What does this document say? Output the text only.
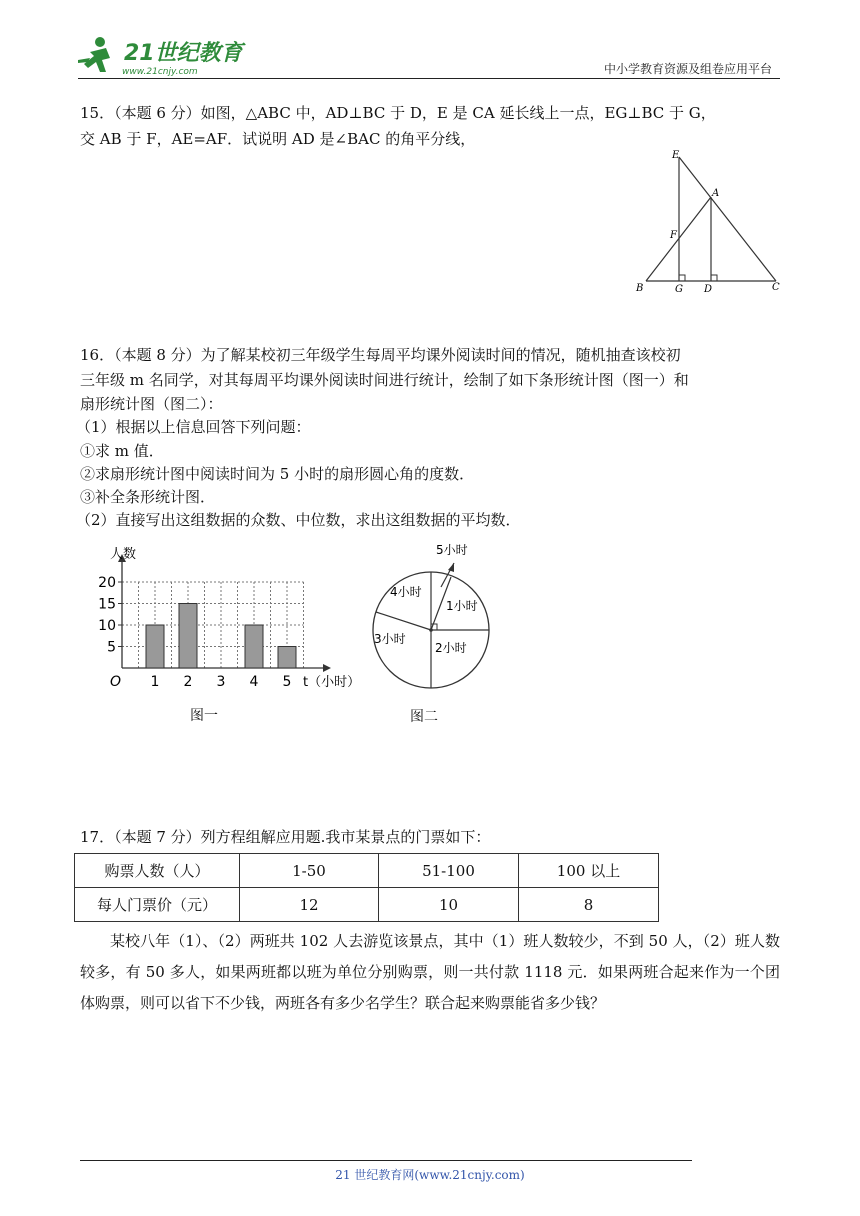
21世纪教育
www.21cnjy.com	中小学教育资源及组卷应用平台
15．（本题 6 分）如图，△ABC 中，AD⊥BC 于 D，E 是 CA 延长线上一点，EG⊥BC 于 G，
交 AB 于 F，AE=AF．试说明 AD 是∠BAC 的角平分线，
E
A
F
B	G D	C
16．（本题 8 分）为了解某校初三年级学生每周平均课外阅读时间的情况，随机抽查该校初
三年级 m 名同学，对其每周平均课外阅读时间进行统计，绘制了如下条形统计图（图一）和
扇形统计图（图二）：
（1）根据以上信息回答下列问题：
①求 m 值．
②求扇形统计图中阅读时间为 5 小时的扇形圆心角的度数．
③补全条形统计图．
（2）直接写出这组数据的众数、中位数，求出这组数据的平均数．
5
10
15
20
1 2 3 4 5
O	t（小时）
人数
图一
5小时
1小时
2小时
3小时
4小时
图二
17．（本题 7 分）列方程组解应用题.我市某景点的门票如下：
购票人数（人）	1-50	51-100	100 以上
每人门票价（元）	12	10	8
某校八年（1）、（2）两班共 102 人去游览该景点，其中（1）班人数较少，不到 50 人，（2）班人数较多，有 50 多人，如果两班都以班为单位分别购票，则一共付款 1118 元．如果两班合起来作为一个团体购票，则可以省下不少钱，两班各有多少名学生？联合起来购票能省多少钱？
21 世纪教育网(www.21cnjy.com)
